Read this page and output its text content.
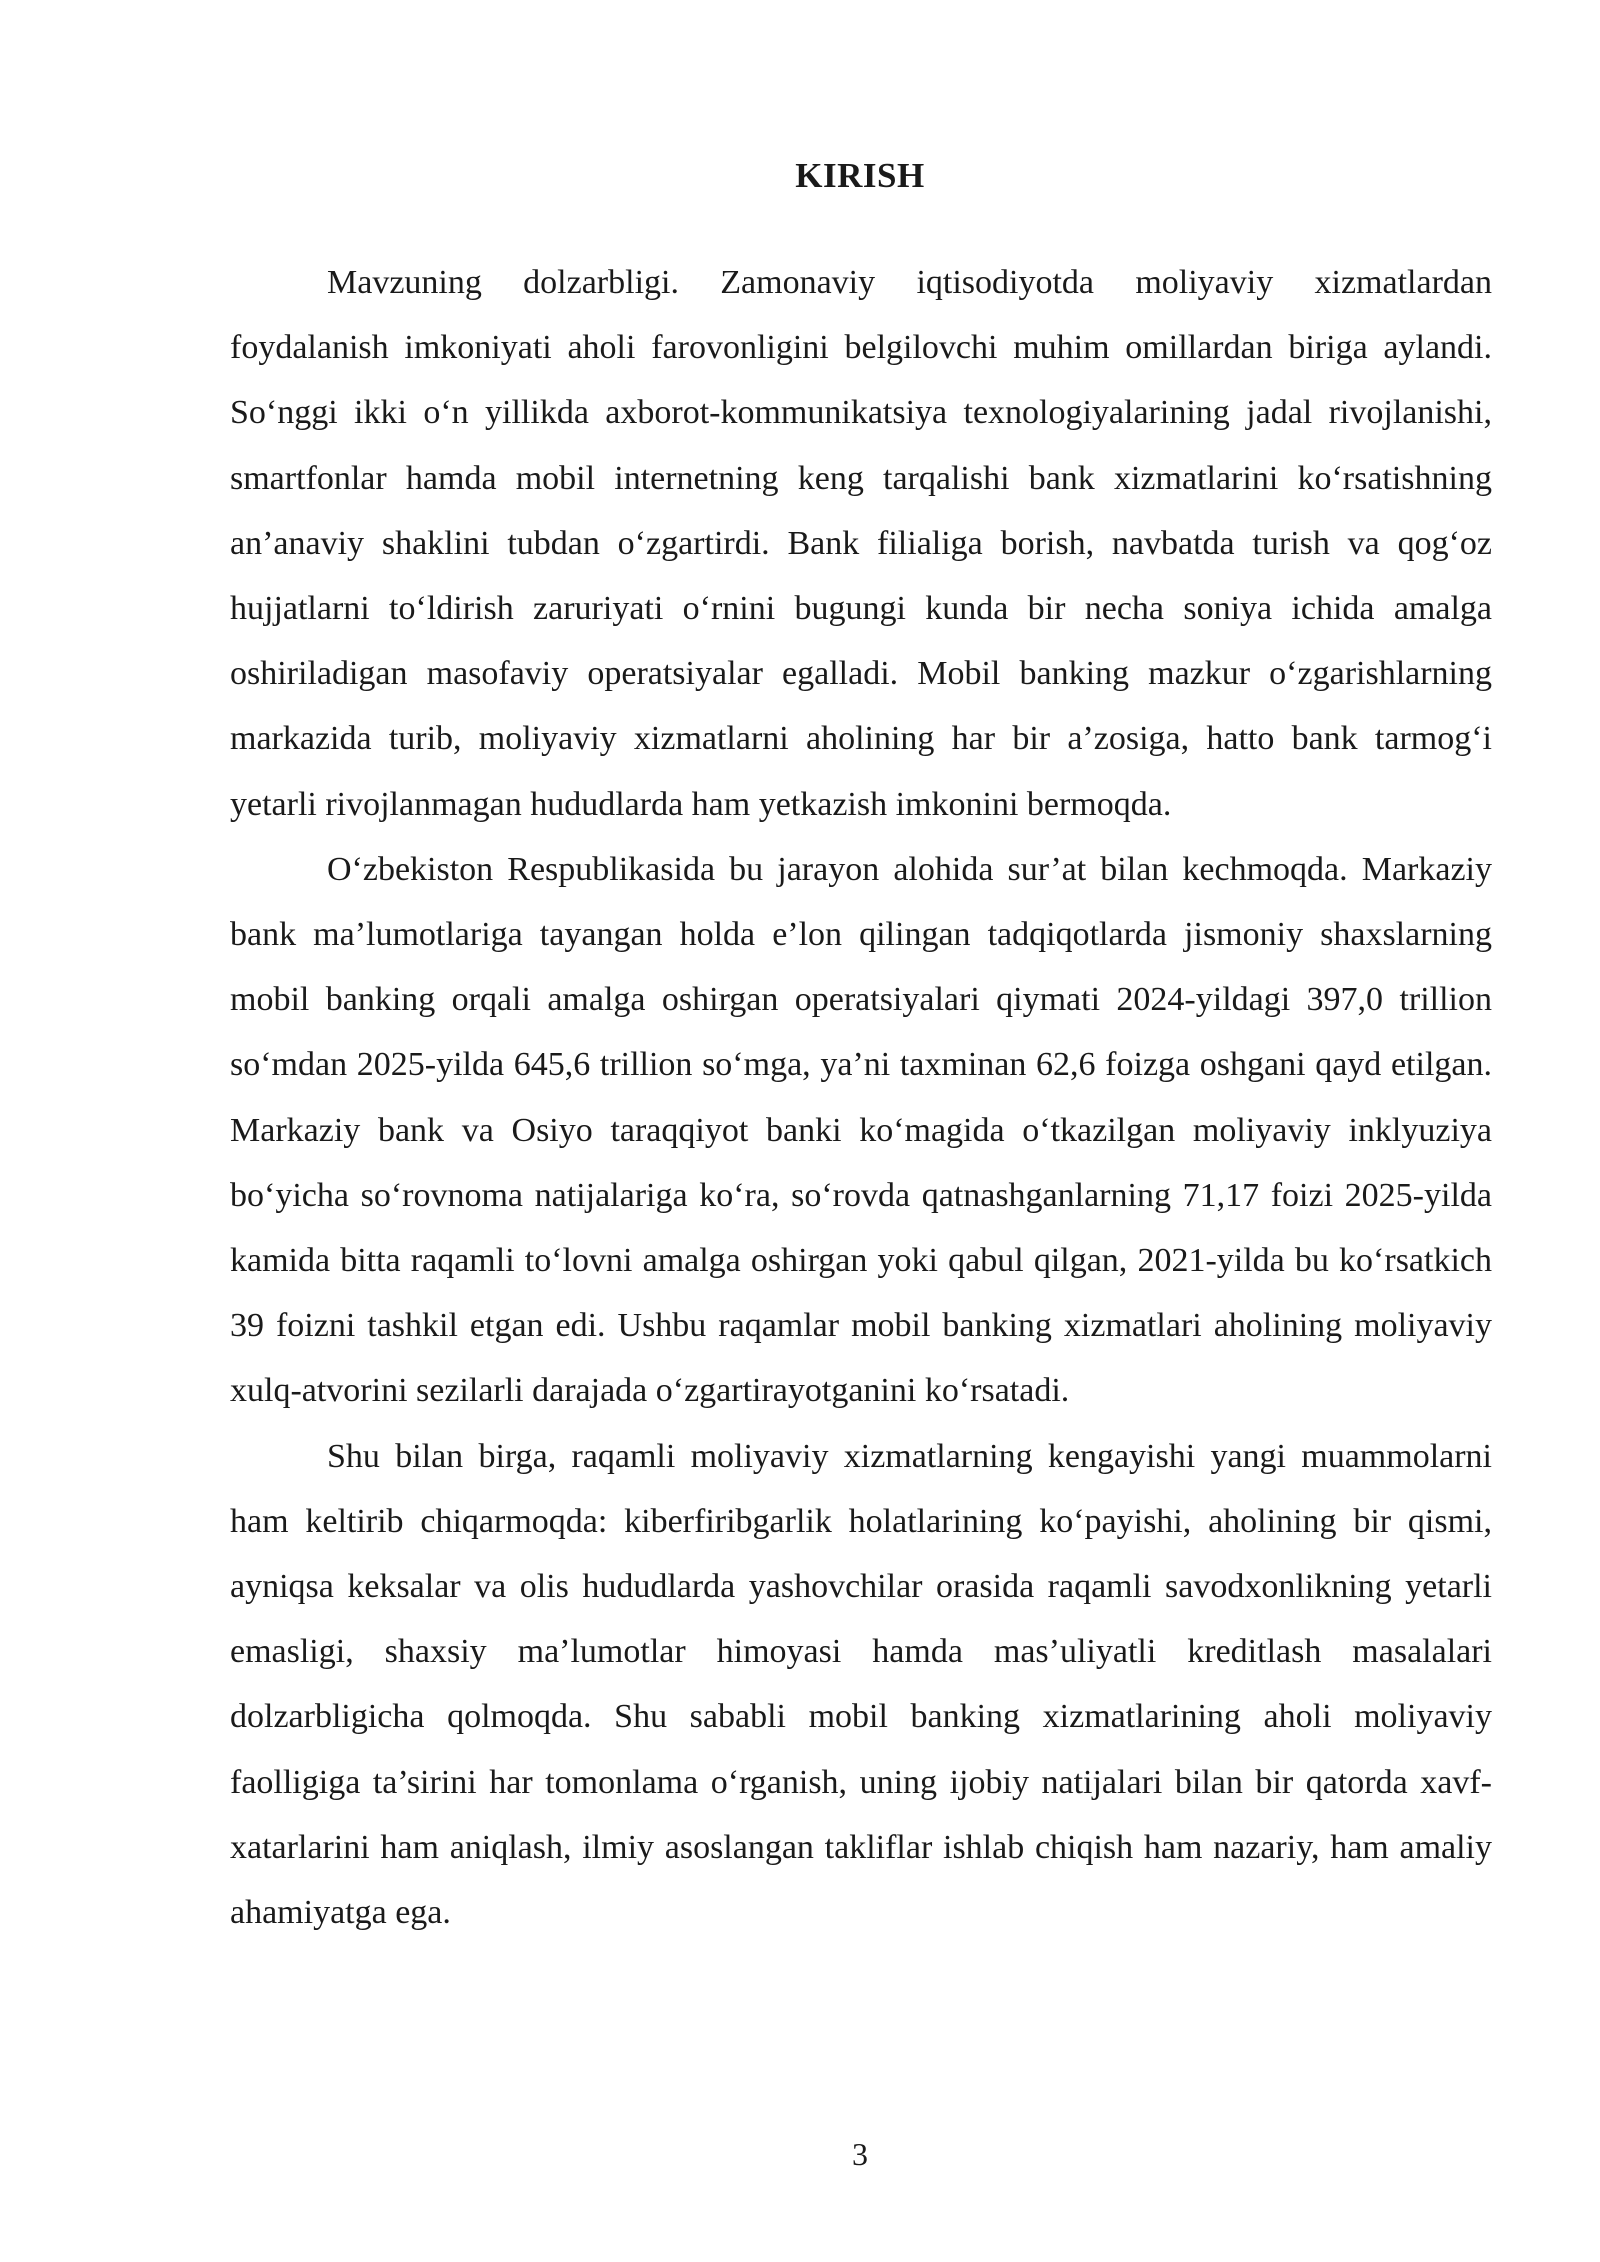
KIRISH

Mavzuning dolzarbligi. Zamonaviy iqtisodiyotda moliyaviy xizmatlardan foydalanish imkoniyati aholi farovonligini belgilovchi muhim omillardan biriga aylandi. So‘nggi ikki o‘n yillikda axborot-kommunikatsiya texnologiyalarining jadal rivojlanishi, smartfonlar hamda mobil internetning keng tarqalishi bank xizmatlarini ko‘rsatishning an’anaviy shaklini tubdan o‘zgartirdi. Bank filialiga borish, navbatda turish va qog‘oz hujjatlarni to‘ldirish zaruriyati o‘rnini bugungi kunda bir necha soniya ichida amalga oshiriladigan masofaviy operatsiyalar egalladi. Mobil banking mazkur o‘zgarishlarning markazida turib, moliyaviy xizmatlarni aholining har bir a’zosiga, hatto bank tarmog‘i yetarli rivojlanmagan hududlarda ham yetkazish imkonini bermoqda.

O‘zbekiston Respublikasida bu jarayon alohida sur’at bilan kechmoqda. Markaziy bank ma’lumotlariga tayangan holda e’lon qilingan tadqiqotlarda jismoniy shaxslarning mobil banking orqali amalga oshirgan operatsiyalari qiymati 2024-yildagi 397,0 trillion so‘mdan 2025-yilda 645,6 trillion so‘mga, ya’ni taxminan 62,6 foizga oshgani qayd etilgan. Markaziy bank va Osiyo taraqqiyot banki ko‘magida o‘tkazilgan moliyaviy inklyuziya bo‘yicha so‘rovnoma natijalariga ko‘ra, so‘rovda qatnashganlarning 71,17 foizi 2025-yilda kamida bitta raqamli to‘lovni amalga oshirgan yoki qabul qilgan, 2021-yilda bu ko‘rsatkich 39 foizni tashkil etgan edi. Ushbu raqamlar mobil banking xizmatlari aholining moliyaviy xulq-atvorini sezilarli darajada o‘zgartirayotganini ko‘rsatadi.

Shu bilan birga, raqamli moliyaviy xizmatlarning kengayishi yangi muammolarni ham keltirib chiqarmoqda: kiberfiribgarlik holatlarining ko‘payishi, aholining bir qismi, ayniqsa keksalar va olis hududlarda yashovchilar orasida raqamli savodxonlikning yetarli emasligi, shaxsiy ma’lumotlar himoyasi hamda mas’uliyatli kreditlash masalalari dolzarbligicha qolmoqda. Shu sababli mobil banking xizmatlarining aholi moliyaviy faolligiga ta’sirini har tomonlama o‘rganish, uning ijobiy natijalari bilan bir qatorda xavf-xatarlarini ham aniqlash, ilmiy asoslangan takliflar ishlab chiqish ham nazariy, ham amaliy ahamiyatga ega.

3
